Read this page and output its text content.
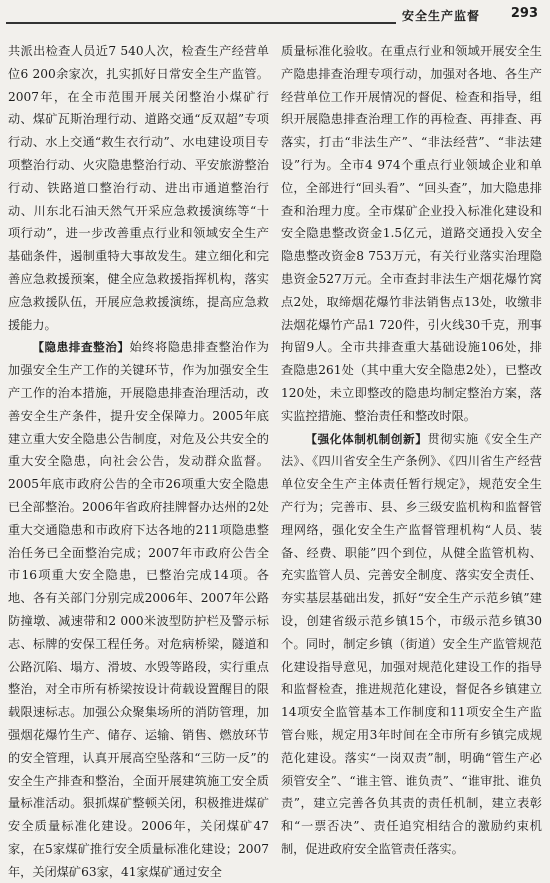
安全生产监督	293

共派出检查人员近7 540人次，检查生产经营单位6 200余家次，扎实抓好日常安全生产监管。2007年，在全市范围开展关闭整治小煤矿行动、煤矿瓦斯治理行动、道路交通“反双超”专项行动、水上交通“救生衣行动”、水电建设项目专项整治行动、火灾隐患整治行动、平安旅游整治行动、铁路道口整治行动、进出市通道整治行动、川东北石油天然气开采应急救援演练等“十项行动”，进一步改善重点行业和领域安全生产基础条件，遏制重特大事故发生。建立细化和完善应急救援预案，健全应急救援指挥机构，落实应急救援队伍，开展应急救援演练，提高应急救援能力。

【隐患排查整治】始终将隐患排查整治作为加强安全生产工作的关键环节，作为加强安全生产工作的治本措施，开展隐患排查治理活动，改善安全生产条件，提升安全保障力。2005年底建立重大安全隐患公告制度，对危及公共安全的重大安全隐患，向社会公告，发动群众监督。2005年底市政府公告的全市26项重大安全隐患已全部整治。2006年省政府挂牌督办达州的2处重大交通隐患和市政府下达各地的211项隐患整治任务已全面整治完成；2007年市政府公告全市16项重大安全隐患，已整治完成14项。各地、各有关部门分别完成2006年、2007年公路防撞墩、减速带和2 000米波型防护栏及警示标志、标牌的安保工程任务。对危病桥梁，隧道和公路沉陷、塌方、滑坡、水毁等路段，实行重点整治，对全市所有桥梁按设计荷载设置醒目的限载限速标志。加强公众聚集场所的消防管理，加强烟花爆竹生产、储存、运输、销售、燃放环节的安全管理，认真开展高空坠落和“三防一反”的安全生产排查和整治，全面开展建筑施工安全质量标准活动。狠抓煤矿整顿关闭，积极推进煤矿安全质量标准化建设。2006年，关闭煤矿47家，在5家煤矿推行安全质量标准化建设；2007年，关闭煤矿63家，41家煤矿通过安全

质量标准化验收。在重点行业和领域开展安全生产隐患排查治理专项行动，加强对各地、各生产经营单位工作开展情况的督促、检查和指导，组织开展隐患排查治理工作的再检查、再排查、再落实，打击“非法生产”、“非法经营”、“非法建设”行为。全市4 974个重点行业领域企业和单位，全部进行“回头看”、“回头查”，加大隐患排查和治理力度。全市煤矿企业投入标准化建设和安全隐患整改资金1.5亿元，道路交通投入安全隐患整改资金8 753万元，有关行业落实治理隐患资金527万元。全市查封非法生产烟花爆竹窝点2处，取缔烟花爆竹非法销售点13处，收缴非法烟花爆竹产品1 720件，引火线30千克，刑事拘留9人。全市共排查重大基础设施106处，排查隐患261处（其中重大安全隐患2处），已整改120处，未立即整改的隐患均制定整治方案，落实监控措施、整治责任和整改时限。

【强化体制机制创新】贯彻实施《安全生产法》、《四川省安全生产条例》、《四川省生产经营单位安全生产主体责任暂行规定》，规范安全生产行为；完善市、县、乡三级安监机构和监督管理网络，强化安全生产监督管理机构“人员、装备、经费、职能”四个到位，从健全监管机构、充实监管人员、完善安全制度、落实安全责任、夯实基层基础出发，抓好“安全生产示范乡镇”建设，创建省级示范乡镇15个，市级示范乡镇30个。同时，制定乡镇（街道）安全生产监管规范化建设指导意见，加强对规范化建设工作的指导和监督检查，推进规范化建设，督促各乡镇建立14项安全监管基本工作制度和11项安全生产监管台账，规定用3年时间在全市所有乡镇完成规范化建设。落实“一岗双责”制，明确“管生产必须管安全”、“谁主管、谁负责”、“谁审批、谁负责”，建立完善各负其责的责任机制，建立表彰和“一票否决”、责任追究相结合的激励约束机制，促进政府安全监管责任落实。
